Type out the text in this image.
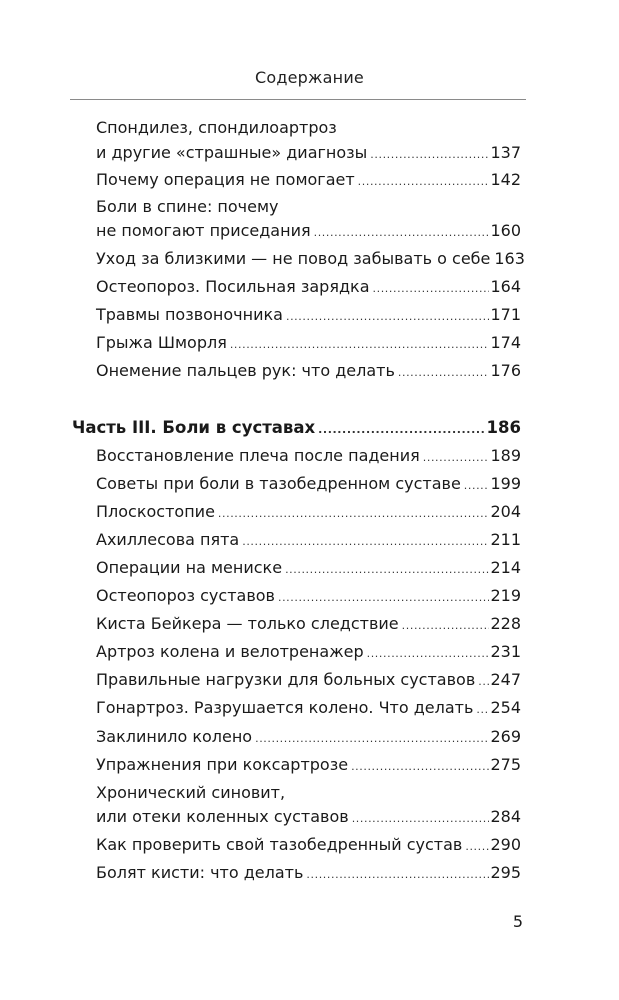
Содержание
Спондилез, спондилоартроз
и другие «страшные» диагнозы .....	137
Почему операция не помогает .....	142
Боли в спине: почему
не помогают приседания .....	160
Уход за близкими — не повод забывать о себе 163
Остеопороз. Посильная зарядка .....	164
Травмы позвоночника .....	171
Грыжа Шморля .....	174
Онемение пальцев рук: что делать .....	176
Часть III. Боли в суставах .....	186
Восстановление плеча после падения .....	189
Советы при боли в тазобедренном суставе ..... 199
Плоскостопие .....	204
Ахиллесова пята .....	211
Операции на мениске .....	214
Остеопороз суставов .....	219
Киста Бейкера — только следствие .....	228
Артроз колена и велотренажер .....	231
Правильные нагрузки для больных суставов ..... 247
Гонартроз. Разрушается колено. Что делать ..... 254
Заклинило колено .....	269
Упражнения при коксартрозе .....	275
Хронический синовит,
или отеки коленных суставов .....	284
Как проверить свой тазобедренный сустав ..... 290
Болят кисти: что делать .....	295
5
